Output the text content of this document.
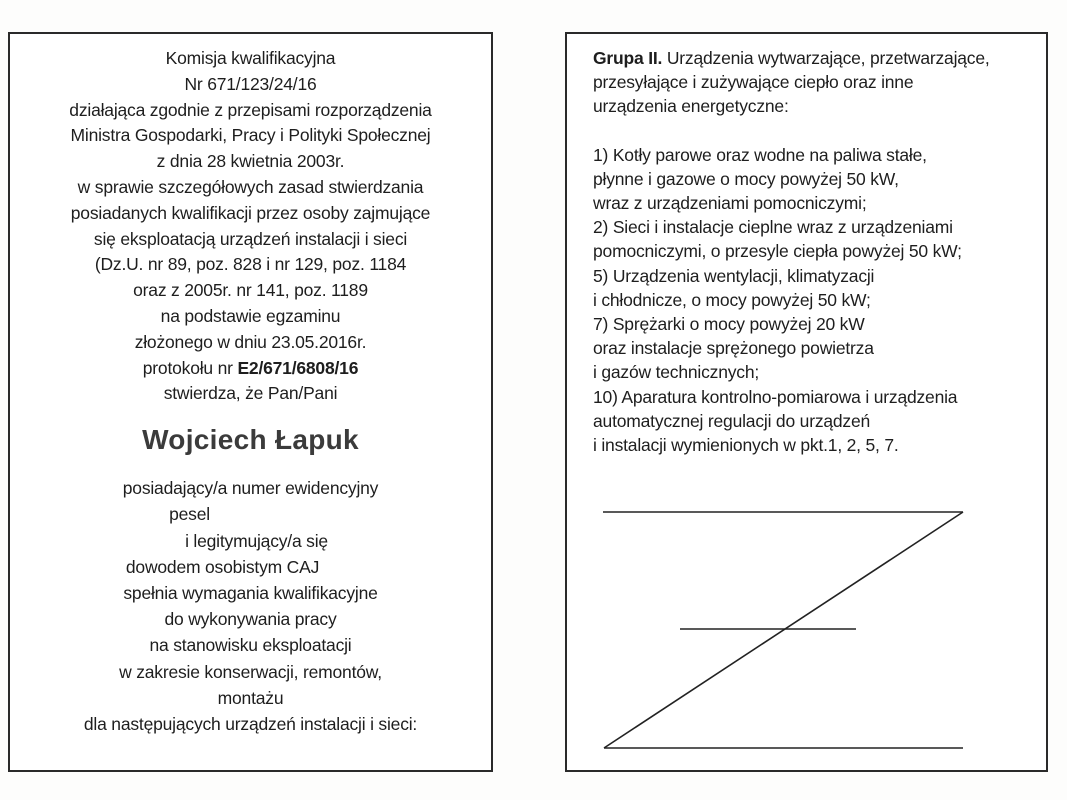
Komisja kwalifikacyjna
Nr 671/123/24/16
działająca zgodnie z przepisami rozporządzenia
Ministra Gospodarki, Pracy i Polityki Społecznej
z dnia 28 kwietnia 2003r.
w sprawie szczegółowych zasad stwierdzania
posiadanych kwalifikacji przez osoby zajmujące
się eksploatacją urządzeń instalacji i sieci
(Dz.U. nr 89, poz. 828 i nr 129, poz. 1184
oraz z 2005r. nr 141, poz. 1189
na podstawie egzaminu
złożonego w dniu 23.05.2016r.
protokołu nr E2/671/6808/16
stwierdza, że Pan/Pani
Wojciech Łapuk
posiadający/a numer ewidencyjny
pesel
i legitymujący/a się
dowodem osobistym CAJ
spełnia wymagania kwalifikacyjne
do wykonywania pracy
na stanowisku eksploatacji
w zakresie konserwacji, remontów,
montażu
dla następujących urządzeń instalacji i sieci:
Grupa II. Urządzenia wytwarzające, przetwarzające,
przesyłające i zużywające ciepło oraz inne
urządzenia energetyczne:
1) Kotły parowe oraz wodne na paliwa stałe,
płynne i gazowe o mocy powyżej 50 kW,
wraz z urządzeniami pomocniczymi;
2) Sieci i instalacje cieplne wraz z urządzeniami
pomocniczymi, o przesyle ciepła powyżej 50 kW;
5) Urządzenia wentylacji, klimatyzacji
i chłodnicze, o mocy powyżej 50 kW;
7) Sprężarki o mocy powyżej 20 kW
oraz instalacje sprężonego powietrza
i gazów technicznych;
10) Aparatura kontrolno-pomiarowa i urządzenia
automatycznej regulacji do urządzeń
i instalacji wymienionych w pkt.1, 2, 5, 7.
